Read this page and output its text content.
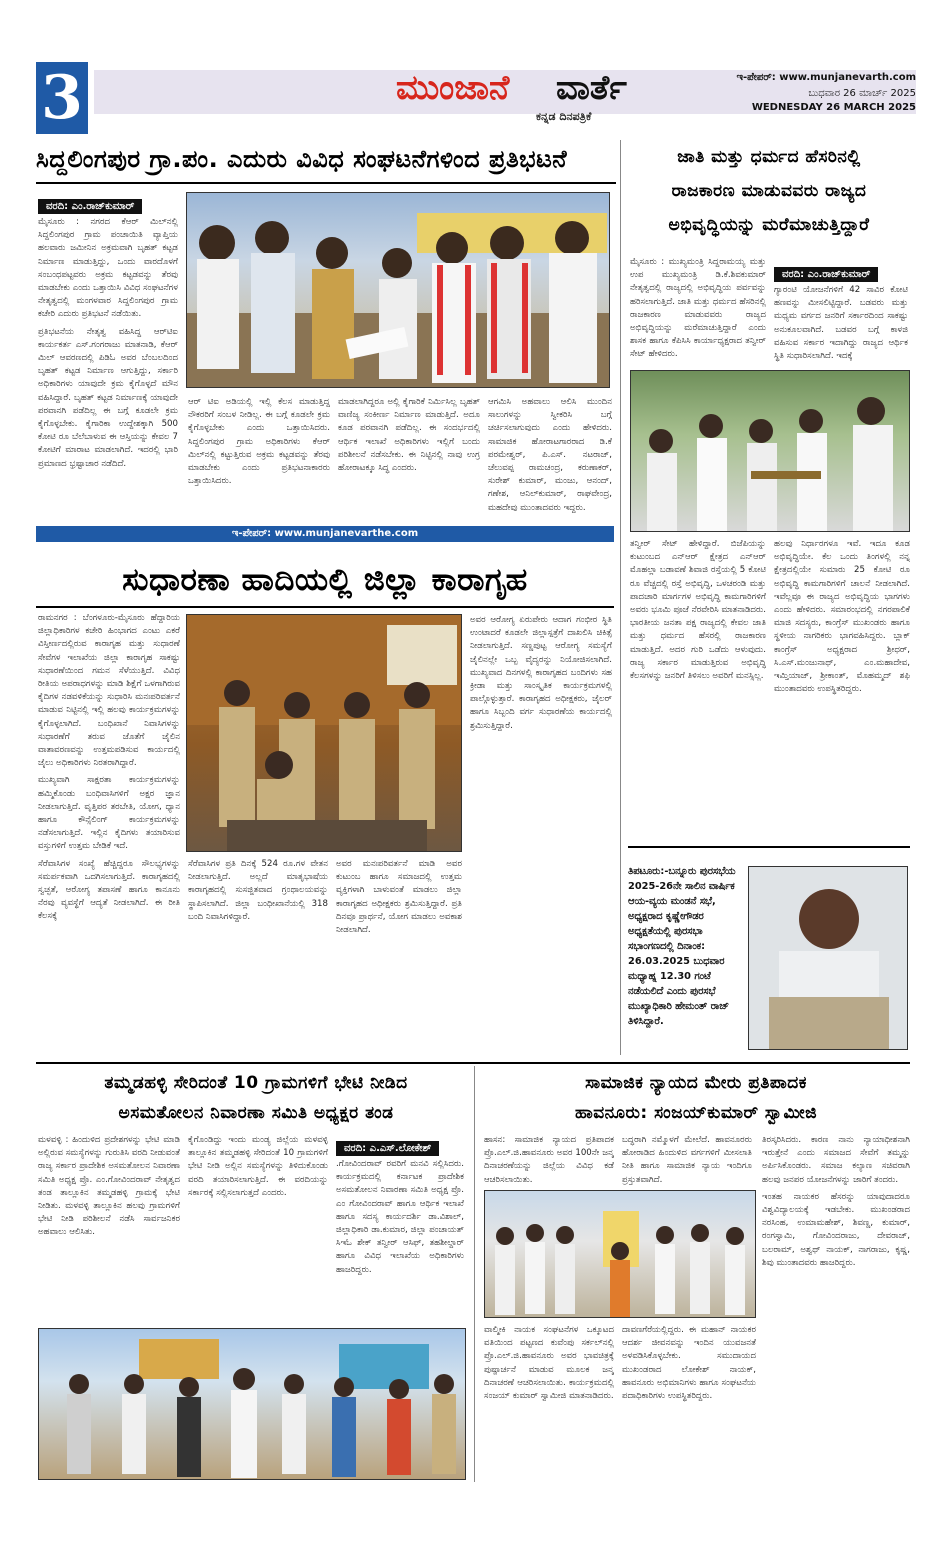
3	ಮುಂಜಾನೆ ವಾರ್ತೆ
ಕನ್ನಡ ದಿನಪತ್ರಿಕೆ
ಇ-ಪೇಪರ್: www.munjanevarth.com
ಬುಧವಾರ 26 ಮಾರ್ಚ್ 2025
WEDNESDAY 26 MARCH 2025
ಸಿದ್ದಲಿಂಗಪುರ ಗ್ರಾ.ಪಂ. ಎದುರು ವಿವಿಧ ಸಂಘಟನೆಗಳಿಂದ ಪ್ರತಿಭಟನೆ
ವರದಿ: ಎಂ.ರಾಜ್‌ಕುಮಾರ್

ಮೈಸೂರು : ನಗರದ ಕೆಆರ್ ಮಿಲ್‌ನಲ್ಲಿ ಸಿದ್ದಲಿಂಗಪುರ ಗ್ರಾಮ ಪಂಚಾಯಿತಿ ವ್ಯಾಪ್ತಿಯ ಹಲವಾರು ಜಮೀನಿನ ಅಕ್ರಮವಾಗಿ ಬೃಹತ್ ಕಟ್ಟಡ ನಿರ್ಮಾಣ ಮಾಡುತ್ತಿದ್ದು, ಒಂದು ವಾರದೊಳಗೆ ಸಂಬಂಧಪಟ್ಟವರು ಅಕ್ರಮ ಕಟ್ಟಡವನ್ನು ತೆರವು ಮಾಡಬೇಕು ಎಂದು ಒತ್ತಾಯಿಸಿ ವಿವಿಧ ಸಂಘಟನೆಗಳ ನೇತೃತ್ವದಲ್ಲಿ ಮಂಗಳವಾರ ಸಿದ್ದಲಿಂಗಪುರ ಗ್ರಾಮ ಕಚೇರಿ ಎದುರು ಪ್ರತಿಭಟನೆ ನಡೆಯಿತು.

ಪ್ರತಿಭಟನೆಯ ನೇತೃತ್ವ ವಹಿಸಿದ್ದ ಆರ್‌ಟಿಐ ಕಾರ್ಯಕರ್ತ ಎಸ್.ಗಂಗರಾಜು ಮಾತನಾಡಿ, ಕೆಆರ್ ಮಿಲ್ ಆವರಣದಲ್ಲಿ ಪಿಡಿಓ ಅವರ ಬೆಂಬಲದಿಂದ ಬೃಹತ್ ಕಟ್ಟಡ ನಿರ್ಮಾಣ ಆಗುತ್ತಿದ್ದು, ಸರ್ಕಾರಿ ಅಧಿಕಾರಿಗಳು ಯಾವುದೇ ಕ್ರಮ ಕೈಗೊಳ್ಳದೆ ಮೌನ ವಹಿಸಿದ್ದಾರೆ. ಬೃಹತ್ ಕಟ್ಟಡ ನಿರ್ಮಾಣಕ್ಕೆ ಯಾವುದೇ ಪರವಾನಗಿ ಪಡೆದಿಲ್ಲ ಈ ಬಗ್ಗೆ ಕೂಡಲೇ ಕ್ರಮ ಕೈಗೊಳ್ಳಬೇಕು. ಕೈಗಾರಿಕಾ ಉದ್ದೇಶಕ್ಕಾಗಿ 500 ಕೋಟಿ ರೂ ಬೆಲೆಬಾಳುವ ಈ ಆಸ್ತಿಯನ್ನು ಕೇವಲ 7 ಕೋಟಿಗೆ ಮಾರಾಟ ಮಾಡಲಾಗಿದೆ. ಇದರಲ್ಲಿ ಭಾರಿ ಪ್ರಮಾಣದ ಭ್ರಷ್ಟಾಚಾರ ನಡೆದಿದೆ.

ಆರ್ ಟಿಐ ಅಡಿಯಲ್ಲಿ ಇಲ್ಲಿ ಕೆಲಸ ಮಾಡುತ್ತಿದ್ದ ನೌಕರರಿಗೆ ಸಂಬಳ ನೀಡಿಲ್ಲ. ಈ ಬಗ್ಗೆ ಕೂಡಲೇ ಕ್ರಮ ಕೈಗೊಳ್ಳಬೇಕು ಎಂದು ಒತ್ತಾಯಿಸಿದರು. ಸಿದ್ದಲಿಂಗಪುರ ಗ್ರಾಮ ಅಧಿಕಾರಿಗಳು ಕೆಆರ್ ಮಿಲ್‌ನಲ್ಲಿ ಕಟ್ಟುತ್ತಿರುವ ಅಕ್ರಮ ಕಟ್ಟಡವನ್ನು ತೆರವು ಮಾಡಬೇಕು ಎಂದು ಪ್ರತಿಭಟನಾಕಾರರು ಒತ್ತಾಯಿಸಿದರು.

ಮಾಡಲಾಗಿದ್ದರೂ ಅಲ್ಲಿ ಕೈಗಾರಿಕೆ ನಿರ್ಮಿಸಿಲ್ಲ ಬೃಹತ್ ವಾಣಿಜ್ಯ ಸಂಕೀರ್ಣ ನಿರ್ಮಾಣ ಮಾಡುತ್ತಿದೆ. ಅದೂ ಕೂಡ ಪರವಾನಗಿ ಪಡೆದಿಲ್ಲ. ಈ ಸಂದರ್ಭದಲ್ಲಿ ಆರ್ಥಿಕ ಇಲಾಖೆ ಅಧಿಕಾರಿಗಳು ಇಲ್ಲಿಗೆ ಬಂದು ಪರಿಶೀಲನೆ ನಡೆಸಬೇಕು. ಈ ನಿಟ್ಟಿನಲ್ಲಿ ನಾವು ಉಗ್ರ ಹೋರಾಟಕ್ಕೂ ಸಿದ್ಧ ಎಂದರು.

ಆಗಮಿಸಿ ಅಹವಾಲು ಆಲಿಸಿ ಮುಂದಿನ ಸಾಲುಗಳನ್ನು ಸ್ವೀಕರಿಸಿ ಬಗ್ಗೆ ಚರ್ಚಿಸಲಾಗುವುದು ಎಂದು ಹೇಳಿದರು. ಸಾಮಾಜಿಕ ಹೋರಾಟಗಾರರಾದ ಡಿ.ಕೆ ಪರಮೇಶ್ವರ್, ಪಿ.ಎಸ್. ನಟರಾಜ್, ಚೆಲುವಪ್ಪ ರಾಮಚಂದ್ರ, ಕರುಣಾಕರ್, ಸುರೇಶ್ ಕುಮಾರ್, ಮಂಜು, ಆನಂದ್, ಗಣೇಶ, ಆನಿಲ್‌ಕುಮಾರ್, ರಾಘವೇಂದ್ರ, ಮಹದೇವು ಮುಂತಾದವರು ಇದ್ದರು.

ಜಾತಿ ಮತ್ತು ಧರ್ಮದ ಹೆಸರಿನಲ್ಲಿ
ರಾಜಕಾರಣ ಮಾಡುವವರು ರಾಜ್ಯದ
ಅಭಿವೃದ್ಧಿಯನ್ನು ಮರೆಮಾಚುತ್ತಿದ್ದಾರೆ

ಮೈಸೂರು : ಮುಖ್ಯಮಂತ್ರಿ ಸಿದ್ದರಾಮಯ್ಯ ಮತ್ತು ಉಪ ಮುಖ್ಯಮಂತ್ರಿ ಡಿ.ಕೆ.ಶಿವಕುಮಾರ್ ನೇತೃತ್ವದಲ್ಲಿ ರಾಜ್ಯದಲ್ಲಿ ಅಭಿವೃದ್ಧಿಯ ಪರ್ವವನ್ನು ಹರಿಸಲಾಗುತ್ತಿದೆ. ಜಾತಿ ಮತ್ತು ಧರ್ಮದ ಹೆಸರಿನಲ್ಲಿ ರಾಜಕಾರಣ ಮಾಡುವವರು ರಾಜ್ಯದ ಅಭಿವೃದ್ಧಿಯನ್ನು ಮರೆಮಾಚುತ್ತಿದ್ದಾರೆ ಎಂದು ಶಾಸಕ ಹಾಗೂ ಕೆಪಿಸಿಸಿ ಕಾರ್ಯಾಧ್ಯಕ್ಷರಾದ ತನ್ವೀರ್ ಸೇಟ್ ಹೇಳಿದರು.

ವರದಿ: ಎಂ.ರಾಜ್‌ಕುಮಾರ್

ಗ್ಯಾರಂಟಿ ಯೋಜನೆಗಳಿಗೆ 42 ಸಾವಿರ ಕೋಟಿ ಹಣವನ್ನು ಮೀಸಲಿಟ್ಟಿದ್ದಾರೆ. ಬಡವರು ಮತ್ತು ಮಧ್ಯಮ ವರ್ಗದ ಜನರಿಗೆ ಸರ್ಕಾರದಿಂದ ಸಾಕಷ್ಟು ಅನುಕೂಲವಾಗಿದೆ. ಬಡವರ ಬಗ್ಗೆ ಕಾಳಜಿ ವಹಿಸುವ ಸರ್ಕಾರ ಇದಾಗಿದ್ದು ರಾಜ್ಯದ ಆರ್ಥಿಕ ಸ್ಥಿತಿ ಸುಧಾರಿಸಲಾಗಿದೆ. ಇದಕ್ಕೆ

ತನ್ವೀರ್ ಸೇಟ್ ಹೇಳಿದ್ದಾರೆ. ಬಿಜೆಪಿಯನ್ನು ಕುಟುಂಬದ ಎನ್‌ಆರ್ ಕ್ಷೇತ್ರದ ಎನ್‌ಆರ್ ಮೊಹಲ್ಲಾ ಬಡಾವಣೆ ಶಿವಾಜಿ ರಸ್ತೆಯಲ್ಲಿ 5 ಕೋಟಿ ರೂ ವೆಚ್ಚದಲ್ಲಿ ರಸ್ತೆ ಅಭಿವೃದ್ಧಿ, ಒಳಚರಂಡಿ ಮತ್ತು ಪಾದಚಾರಿ ಮಾರ್ಗಗಳ ಅಭಿವೃದ್ಧಿ ಕಾಮಗಾರಿಗಳಿಗೆ ಅವರು ಭೂಮಿ ಪೂಜೆ ನೆರವೇರಿಸಿ ಮಾತನಾಡಿದರು. ಭಾರತೀಯ ಜನತಾ ಪಕ್ಷ ರಾಜ್ಯದಲ್ಲಿ ಕೇವಲ ಜಾತಿ ಮತ್ತು ಧರ್ಮದ ಹೆಸರಲ್ಲಿ ರಾಜಕಾರಣ ಮಾಡುತ್ತಿದೆ. ಅದರ ಗುರಿ ಒಡೆದು ಆಳುವುದು. ರಾಜ್ಯ ಸರ್ಕಾರ ಮಾಡುತ್ತಿರುವ ಅಭಿವೃದ್ಧಿ ಕೆಲಸಗಳನ್ನು ಜನರಿಗೆ ತಿಳಿಸಲು ಅವರಿಗೆ ಮನಸ್ಸಿಲ್ಲ.

ಹಲವು ನಿರ್ಧಾರಗಳೂ ಇವೆ. ಇದೂ ಕೂಡ ಅಭಿವೃದ್ಧಿಯೇ. ಕೆಲ ಒಂದು ತಿಂಗಳಲ್ಲಿ ನನ್ನ ಕ್ಷೇತ್ರದಲ್ಲಿಯೇ ಸುಮಾರು 25 ಕೋಟಿ ರೂ ಅಭಿವೃದ್ಧಿ ಕಾಮಗಾರಿಗಳಿಗೆ ಚಾಲನೆ ನೀಡಲಾಗಿದೆ. ಇವೆಲ್ಲವೂ ಈ ರಾಜ್ಯದ ಅಭಿವೃದ್ಧಿಯ ಭಾಗಗಳು ಎಂದು ಹೇಳಿದರು. ಸಮಾರಂಭದಲ್ಲಿ ನಗರಪಾಲಿಕೆ ಮಾಜಿ ಸದಸ್ಯರು, ಕಾಂಗ್ರೆಸ್ ಮುಖಂಡರು ಹಾಗೂ ಸ್ಥಳೀಯ ನಾಗರಿಕರು ಭಾಗವಹಿಸಿದ್ದರು. ಬ್ಲಾಕ್ ಕಾಂಗ್ರೆಸ್ ಅಧ್ಯಕ್ಷರಾದ ಶ್ರೀಧರ್, ಸಿ.ಎಸ್.ಮಂಜುನಾಥ್, ಎಂ.ಮಹಾದೇವ, ಇಮ್ತಿಯಾಜ್, ಶ್ರೀಕಾಂತ್, ಮೊಹಮ್ಮದ್ ಶಫಿ ಮುಂತಾದವರು ಉಪಸ್ಥಿತರಿದ್ದರು.

ಇ-ಪೇಪರ್: www.munjanevarthe.com
ಸುಧಾರಣಾ ಹಾದಿಯಲ್ಲಿ ಜಿಲ್ಲಾ ಕಾರಾಗೃಹ

ರಾಮನಗರ : ಬೆಂಗಳೂರು-ಮೈಸೂರು ಹೆದ್ದಾರಿಯ ಜಿಲ್ಲಾಧಿಕಾರಿಗಳ ಕಚೇರಿ ಹಿಂಭಾಗದ ಎಂಟು ಎಕರೆ ವಿಸ್ತೀರ್ಣದಲ್ಲಿರುವ ಕಾರಾಗೃಹ ಮತ್ತು ಸುಧಾರಣೆ ಸೇವೆಗಳ ಇಲಾಖೆಯ ಜಿಲ್ಲಾ ಕಾರಾಗೃಹ ಸಾಕಷ್ಟು ಸುಧಾರಣೆಯಿಂದ ಗಮನ ಸೆಳೆಯುತ್ತಿದೆ. ವಿವಿಧ ರೀತಿಯ ಅಪರಾಧಗಳನ್ನು ಮಾಡಿ ಶಿಕ್ಷೆಗೆ ಒಳಗಾಗಿರುವ ಕೈದಿಗಳ ನಡವಳಿಕೆಯನ್ನು ಸುಧಾರಿಸಿ ಮನಃಪರಿವರ್ತನೆ ಮಾಡುವ ನಿಟ್ಟಿನಲ್ಲಿ ಇಲ್ಲಿ ಹಲವು ಕಾರ್ಯಕ್ರಮಗಳನ್ನು ಕೈಗೊಳ್ಳಲಾಗಿದೆ. ಬಂಧಿಖಾನೆ ನಿವಾಸಿಗಳನ್ನು ಸುಧಾರಣೆಗೆ ತರುವ ಜೊತೆಗೆ ಜೈಲಿನ ವಾತಾವರಣವನ್ನು ಉತ್ತಮಪಡಿಸುವ ಕಾರ್ಯದಲ್ಲಿ ಜೈಲು ಅಧಿಕಾರಿಗಳು ನಿರತರಾಗಿದ್ದಾರೆ.

ಮುಖ್ಯವಾಗಿ ಸಾಕ್ಷರತಾ ಕಾರ್ಯಕ್ರಮಗಳನ್ನು ಹಮ್ಮಿಕೊಂಡು ಬಂಧಿವಾಸಿಗಳಿಗೆ ಅಕ್ಷರ ಜ್ಞಾನ ನೀಡಲಾಗುತ್ತಿದೆ. ವೃತ್ತಿಪರ ತರಬೇತಿ, ಯೋಗ, ಧ್ಯಾನ ಹಾಗೂ ಕೌನ್ಸೆಲಿಂಗ್ ಕಾರ್ಯಕ್ರಮಗಳನ್ನು ನಡೆಸಲಾಗುತ್ತಿದೆ. ಇಲ್ಲಿನ ಕೈದಿಗಳು ತಯಾರಿಸುವ ವಸ್ತುಗಳಿಗೆ ಉತ್ತಮ ಬೇಡಿಕೆ ಇದೆ.

ಸೆರೆವಾಸಿಗಳ ಸಂಖ್ಯೆ ಹೆಚ್ಚಿದ್ದರೂ ಸೌಲಭ್ಯಗಳನ್ನು ಸಮರ್ಪಕವಾಗಿ ಒದಗಿಸಲಾಗುತ್ತಿದೆ. ಕಾರಾಗೃಹದಲ್ಲಿ ಸ್ವಚ್ಛತೆ, ಆರೋಗ್ಯ ತಪಾಸಣೆ ಹಾಗೂ ಕಾನೂನು ನೆರವು ವ್ಯವಸ್ಥೆಗೆ ಆದ್ಯತೆ ನೀಡಲಾಗಿದೆ. ಈ ರೀತಿ ಕೆಲಸಕ್ಕೆ

ಸೆರೆವಾಸಿಗಳ ಪ್ರತಿ ದಿನಕ್ಕೆ 524 ರೂ.ಗಳ ವೇತನ ನೀಡಲಾಗುತ್ತಿದೆ. ಅಲ್ಲದೆ ಮಾತೃಭಾಷೆಯ ಕಾರಾಗೃಹದಲ್ಲಿ ಸುಸಜ್ಜಿತವಾದ ಗ್ರಂಥಾಲಯವನ್ನು ಸ್ಥಾಪಿಸಲಾಗಿದೆ. ಜಿಲ್ಲಾ ಬಂಧೀಖಾನೆಯಲ್ಲಿ 318 ಬಂದಿ ನಿವಾಸಿಗಳಿದ್ದಾರೆ.

ಅವರ ಮನಃಪರಿವರ್ತನೆ ಮಾಡಿ ಅವರ ಕುಟುಂಬ ಹಾಗೂ ಸಮಾಜದಲ್ಲಿ ಉತ್ತಮ ವ್ಯಕ್ತಿಗಳಾಗಿ ಬಾಳುವಂತೆ ಮಾಡಲು ಜಿಲ್ಲಾ ಕಾರಾಗೃಹದ ಅಧೀಕ್ಷಕರು ಶ್ರಮಿಸುತ್ತಿದ್ದಾರೆ. ಪ್ರತಿ ದಿನವೂ ಪ್ರಾರ್ಥನೆ, ಯೋಗ ಮಾಡಲು ಅವಕಾಶ ನೀಡಲಾಗಿದೆ.

ಅವರ ಆರೋಗ್ಯ ಏರುಪೇರು ಆದಾಗ ಗಂಭೀರ ಸ್ಥಿತಿ ಉಂಟಾದರೆ ಕೂಡಲೇ ಜಿಲ್ಲಾಸ್ಪತ್ರೆಗೆ ದಾಖಲಿಸಿ ಚಿಕಿತ್ಸೆ ನೀಡಲಾಗುತ್ತಿದೆ. ಸಣ್ಣಪುಟ್ಟ ಆರೋಗ್ಯ ಸಮಸ್ಯೆಗೆ ಜೈಲಿನಲ್ಲೇ ಒಬ್ಬ ವೈದ್ಯರನ್ನು ನಿಯೋಜಿಸಲಾಗಿದೆ. ಮುಖ್ಯವಾದ ದಿನಗಳಲ್ಲಿ ಕಾರಾಗೃಹದ ಬಂದಿಗಳು ಸಹ ಕ್ರೀಡಾ ಮತ್ತು ಸಾಂಸ್ಕೃತಿಕ ಕಾರ್ಯಕ್ರಮಗಳಲ್ಲಿ ಪಾಲ್ಗೊಳ್ಳುತ್ತಾರೆ. ಕಾರಾಗೃಹದ ಅಧೀಕ್ಷಕರು, ಜೈಲರ್ ಹಾಗೂ ಸಿಬ್ಬಂದಿ ವರ್ಗ ಸುಧಾರಣೆಯ ಕಾರ್ಯದಲ್ಲಿ ಶ್ರಮಿಸುತ್ತಿದ್ದಾರೆ.

ತಿಪಟೂರು:-ಬನ್ನೂರು ಪುರಸಭೆಯ 2025-26ನೇ ಸಾಲಿನ ವಾರ್ಷಿಕ ಆಯ-ವ್ಯಯ ಮಂಡನೆ ಸಭೆ, ಅಧ್ಯಕ್ಷರಾದ ಕೃಷ್ಣೇಗೌಡರ ಅಧ್ಯಕ್ಷತೆಯಲ್ಲಿ ಪುರಸಭಾ ಸಭಾಂಗಣದಲ್ಲಿ ದಿನಾಂಕ: 26.03.2025 ಬುಧವಾರ ಮಧ್ಯಾಹ್ನ 12.30 ಗಂಟೆ ನಡೆಯಲಿದೆ ಎಂದು ಪುರಸಭೆ ಮುಖ್ಯಾಧಿಕಾರಿ ಹೇಮಂತ್ ರಾಜ್ ತಿಳಿಸಿದ್ದಾರೆ.
ತಮ್ಮಡಹಳ್ಳಿ ಸೇರಿದಂತೆ 10 ಗ್ರಾಮಗಳಿಗೆ ಭೇಟಿ ನೀಡಿದ
ಅಸಮತೋಲನ ನಿವಾರಣಾ ಸಮಿತಿ ಅಧ್ಯಕ್ಷರ ತಂಡ

ಮಳವಳ್ಳಿ : ಹಿಂದುಳಿದ ಪ್ರದೇಶಗಳನ್ನು ಭೇಟಿ ಮಾಡಿ ಅಲ್ಲಿರುವ ಸಮಸ್ಯೆಗಳನ್ನು ಗುರುತಿಸಿ ವರದಿ ನೀಡುವಂತೆ ರಾಜ್ಯ ಸರ್ಕಾರ ಪ್ರಾದೇಶಿಕ ಅಸಮತೋಲನ ನಿವಾರಣಾ ಸಮಿತಿ ಅಧ್ಯಕ್ಷ ಪ್ರೊ. ಎಂ.ಗೋವಿಂದರಾವ್ ನೇತೃತ್ವದ ತಂಡ ತಾಲ್ಲೂಕಿನ ತಮ್ಮಡಹಳ್ಳಿ ಗ್ರಾಮಕ್ಕೆ ಭೇಟಿ ನೀಡಿತು. ಮಳವಳ್ಳಿ ತಾಲ್ಲೂಕಿನ ಹಲವು ಗ್ರಾಮಗಳಿಗೆ ಭೇಟಿ ನೀಡಿ ಪರಿಶೀಲನೆ ನಡೆಸಿ ಸಾರ್ವಜನಿಕರ ಅಹವಾಲು ಆಲಿಸಿತು.

ಕೈಗೊಂಡಿದ್ದು ಇಂದು ಮಂಡ್ಯ ಜಿಲ್ಲೆಯ ಮಳವಳ್ಳಿ ತಾಲ್ಲೂಕಿನ ತಮ್ಮಡಹಳ್ಳಿ ಸೇರಿದಂತೆ 10 ಗ್ರಾಮಗಳಿಗೆ ಭೇಟಿ ನೀಡಿ ಅಲ್ಲಿನ ಸಮಸ್ಯೆಗಳನ್ನು ತಿಳಿದುಕೊಂಡು ವರದಿ ತಯಾರಿಸಲಾಗುತ್ತಿದೆ. ಈ ವರದಿಯನ್ನು ಸರ್ಕಾರಕ್ಕೆ ಸಲ್ಲಿಸಲಾಗುತ್ತದೆ ಎಂದರು.

ವರದಿ: ಎ.ಎಸ್.ಲೋಕೇಶ್

.ಗೋವಿಂದರಾವ್ ರವರಿಗೆ ಮನವಿ ಸಲ್ಲಿಸಿದರು. ಕಾರ್ಯಕ್ರಮದಲ್ಲಿ ಕರ್ನಾಟಕ ಪ್ರಾದೇಶಿಕ ಅಸಮತೋಲನ ನಿವಾರಣಾ ಸಮಿತಿ ಅಧ್ಯಕ್ಷ ಪ್ರೊ. ಎಂ ಗೋವಿಂದರಾವ್ ಹಾಗೂ ಆರ್ಥಿಕ ಇಲಾಖೆ ಹಾಗೂ ಸದಸ್ಯ ಕಾರ್ಯದರ್ಶಿ ಡಾ.ವಿಶಾಲ್, ಜಿಲ್ಲಾಧಿಕಾರಿ ಡಾ.ಕುಮಾರ, ಜಿಲ್ಲಾ ಪಂಚಾಯತ್ ಸಿಇಓ ಶೇಕ್ ತನ್ವೀರ್ ಆಸಿಫ್, ತಹಶೀಲ್ದಾರ್ ಹಾಗೂ ವಿವಿಧ ಇಲಾಖೆಯ ಅಧಿಕಾರಿಗಳು ಹಾಜರಿದ್ದರು.

ಸಾಮಾಜಿಕ ನ್ಯಾಯದ ಮೇರು ಪ್ರತಿಪಾದಕ
ಹಾವನೂರು: ಸಂಜಯ್‌ಕುಮಾರ್ ಸ್ವಾಮೀಜಿ

ಹಾಸನ: ಸಾಮಾಜಿಕ ನ್ಯಾಯದ ಪ್ರತಿಪಾದಕ ಪ್ರೊ.ಎಲ್.ಜಿ.ಹಾವನೂರು ಅವರ 100ನೇ ಜನ್ಮ ದಿನಾಚರಣೆಯನ್ನು ಜಿಲ್ಲೆಯ ವಿವಿಧ ಕಡೆ ಆಚರಿಸಲಾಯಿತು.

ಬದ್ಧರಾಗಿ ನಮ್ಮೊಳಗೆ ಮೇಲೆದೆ. ಹಾವನೂರರು ಹೋರಾಡಿದ ಹಿಂದುಳಿದ ವರ್ಗಗಳಿಗೆ ಮೀಸಲಾತಿ ನೀತಿ ಹಾಗೂ ಸಾಮಾಜಿಕ ನ್ಯಾಯ ಇಂದಿಗೂ ಪ್ರಸ್ತುತವಾಗಿದೆ.

ತಿರಸ್ಕರಿಸಿದರು. ಕಾರಣ ನಾನು ನ್ಯಾಯಾಧೀಶನಾಗಿ ಇರುತ್ತೇನೆ ಎಂದು ಸಮಾಜದ ಸೇವೆಗೆ ತಮ್ಮನ್ನು ಅರ್ಪಿಸಿಕೊಂಡರು. ಸಮಾಜ ಕಲ್ಯಾಣ ಸಚಿವರಾಗಿ ಹಲವು ಜನಪರ ಯೋಜನೆಗಳನ್ನು ಜಾರಿಗೆ ತಂದರು.

ಇಂತಹ ನಾಯಕರ ಹೆಸರನ್ನು ಯಾವುದಾದರೂ ವಿಶ್ವವಿದ್ಯಾಲಯಕ್ಕೆ ಇಡಬೇಕು. ಮುಖಂಡರಾದ ನರಸಿಂಹ, ಉಮಾಮಹೇಶ್, ಶಿವಣ್ಣ, ಕುಮಾರ್, ರಂಗಸ್ವಾಮಿ, ಗೋವಿಂದರಾಜು, ದೇವರಾಜ್, ಬಲರಾಮ್, ಅಶ್ವಥ್ ನಾಯಕ್, ನಾಗರಾಜು, ಕೃಷ್ಣ, ಶಿವು ಮುಂತಾದವರು ಹಾಜರಿದ್ದರು.

ವಾಲ್ಮೀಕಿ ನಾಯಕ ಸಂಘಟನೆಗಳ ಒಕ್ಕೂಟದ ವತಿಯಿಂದ ಪಟ್ಟಣದ ಕುವೆಂಪು ಸರ್ಕಲ್‌ನಲ್ಲಿ ಪ್ರೊ.ಎಲ್.ಜಿ.ಹಾವನೂರು ಅವರ ಭಾವಚಿತ್ರಕ್ಕೆ ಪುಷ್ಪಾರ್ಚನೆ ಮಾಡುವ ಮೂಲಕ ಜನ್ಮ ದಿನಾಚರಣೆ ಆಚರಿಸಲಾಯಿತು. ಕಾರ್ಯಕ್ರಮದಲ್ಲಿ ಸಂಜಯ್ ಕುಮಾರ್ ಸ್ವಾಮೀಜಿ ಮಾತನಾಡಿದರು.

ದಾವಣಗೆರೆಯಲ್ಲಿದ್ದರು. ಈ ಮಹಾನ್ ನಾಯಕರ ಆದರ್ಶ ಜೀವನವನ್ನು ಇಂದಿನ ಯುವಜನತೆ ಅಳವಡಿಸಿಕೊಳ್ಳಬೇಕು. ಸಮುದಾಯದ ಮುಖಂಡರಾದ ಲೋಕೇಶ್ ನಾಯಕ್, ಹಾವನೂರು ಅಭಿಮಾನಿಗಳು ಹಾಗೂ ಸಂಘಟನೆಯ ಪದಾಧಿಕಾರಿಗಳು ಉಪಸ್ಥಿತರಿದ್ದರು.
